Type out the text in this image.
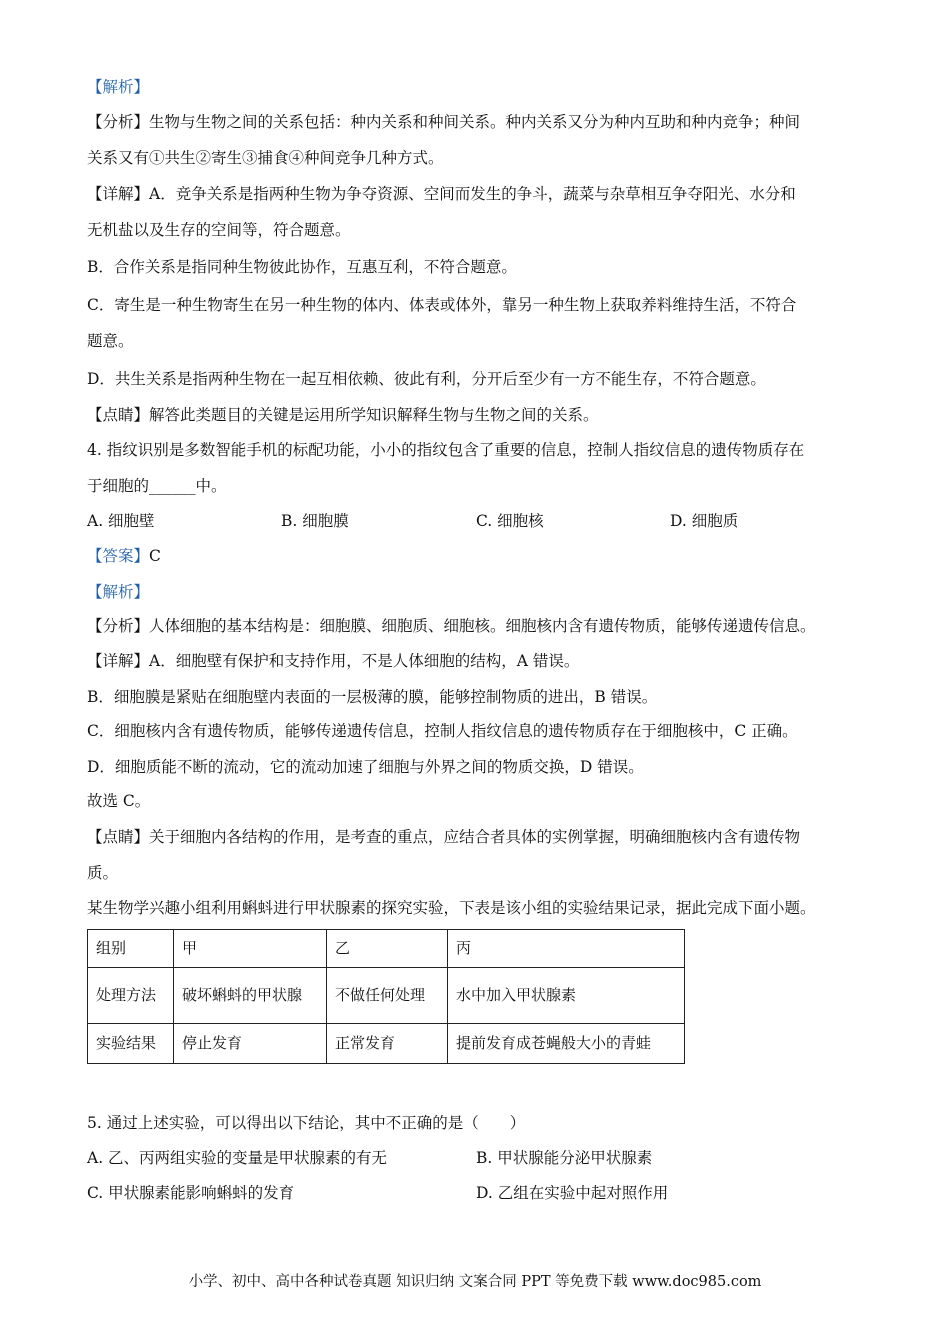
【解析】
【分析】生物与生物之间的关系包括：种内关系和种间关系。种内关系又分为种内互助和种内竞争；种间
关系又有①共生②寄生③捕食④种间竞争几种方式。
【详解】A．竞争关系是指两种生物为争夺资源、空间而发生的争斗，蔬菜与杂草相互争夺阳光、水分和
无机盐以及生存的空间等，符合题意。
B．合作关系是指同种生物彼此协作，互惠互利，不符合题意。
C．寄生是一种生物寄生在另一种生物的体内、体表或体外，靠另一种生物上获取养料维持生活，不符合
题意。
D．共生关系是指两种生物在一起互相依赖、彼此有利，分开后至少有一方不能生存，不符合题意。
【点睛】解答此类题目的关键是运用所学知识解释生物与生物之间的关系。
4. 指纹识别是多数智能手机的标配功能，小小的指纹包含了重要的信息，控制人指纹信息的遗传物质存在
于细胞的______中。
A. 细胞壁	B. 细胞膜	C. 细胞核	D. 细胞质
【答案】C
【解析】
【分析】人体细胞的基本结构是：细胞膜、细胞质、细胞核。细胞核内含有遗传物质，能够传递遗传信息。
【详解】A．细胞壁有保护和支持作用，不是人体细胞的结构，A 错误。
B．细胞膜是紧贴在细胞壁内表面的一层极薄的膜，能够控制物质的进出，B 错误。
C．细胞核内含有遗传物质，能够传递遗传信息，控制人指纹信息的遗传物质存在于细胞核中，C 正确。
D．细胞质能不断的流动，它的流动加速了细胞与外界之间的物质交换，D 错误。
故选 C。
【点睛】关于细胞内各结构的作用，是考查的重点，应结合者具体的实例掌握，明确细胞核内含有遗传物
质。
某生物学兴趣小组利用蝌蚪进行甲状腺素的探究实验，下表是该小组的实验结果记录，据此完成下面小题。
组别	甲	乙	丙
处理方法	破坏蝌蚪的甲状腺	不做任何处理	水中加入甲状腺素
实验结果	停止发育	正常发育	提前发育成苍蝇般大小的青蛙
5. 通过上述实验，可以得出以下结论，其中不正确的是（　　）
A. 乙、丙两组实验的变量是甲状腺素的有无	B. 甲状腺能分泌甲状腺素
C. 甲状腺素能影响蝌蚪的发育	D. 乙组在实验中起对照作用
小学、初中、高中各种试卷真题 知识归纳 文案合同 PPT 等免费下载 www.doc985.com
